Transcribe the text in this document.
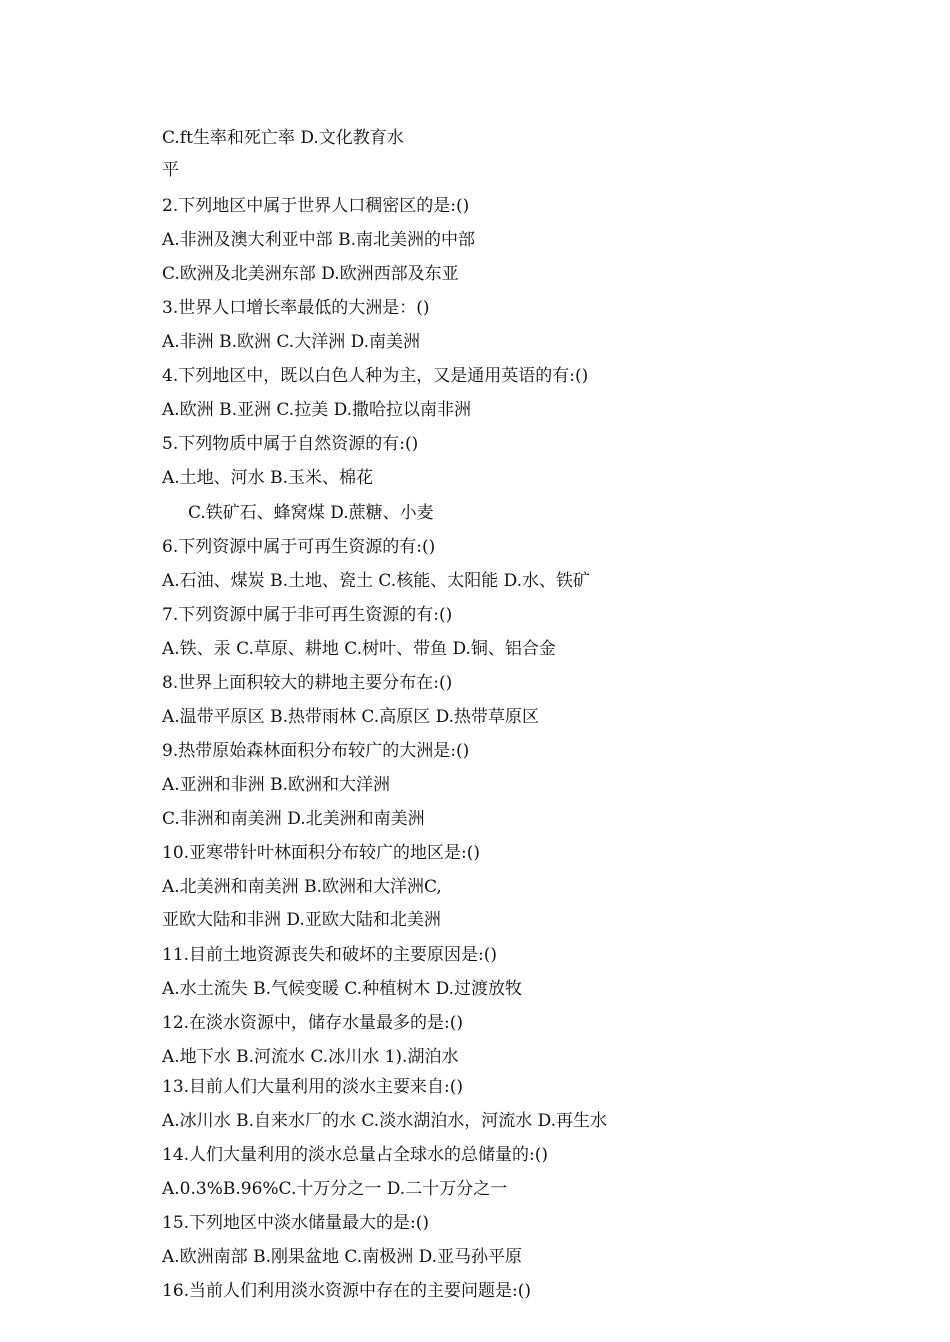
C.ft生率和死亡率 D.文化教育水
平
2.下列地区中属于世界人口稠密区的是:()
A.非洲及澳大利亚中部 B.南北美洲的中部
C.欧洲及北美洲东部 D.欧洲西部及东亚
3.世界人口增长率最低的大洲是：()
A.非洲 B.欧洲 C.大洋洲 D.南美洲
4.下列地区中，既以白色人种为主，又是通用英语的有:()
A.欧洲 B.亚洲 C.拉美 D.撒哈拉以南非洲
5.下列物质中属于自然资源的有:()
A.土地、河水 B.玉米、棉花
C.铁矿石、蜂窝煤 D.蔗糖、小麦
6.下列资源中属于可再生资源的有:()
A.石油、煤炭 B.土地、瓷土 C.核能、太阳能 D.水、铁矿
7.下列资源中属于非可再生资源的有:()
A.铁、汞 C.草原、耕地 C.树叶、带鱼 D.铜、铝合金
8.世界上面积较大的耕地主要分布在:()
A.温带平原区 B.热带雨林 C.高原区 D.热带草原区
9.热带原始森林面积分布较广的大洲是:()
A.亚洲和非洲 B.欧洲和大洋洲
C.非洲和南美洲 D.北美洲和南美洲
10.亚寒带针叶林面积分布较广的地区是:()
A.北美洲和南美洲 B.欧洲和大洋洲C,
亚欧大陆和非洲 D.亚欧大陆和北美洲
11.目前土地资源丧失和破坏的主要原因是:()
A.水土流失 B.气候变暖 C.种植树木 D.过渡放牧
12.在淡水资源中，储存水量最多的是:()
A.地下水 B.河流水 C.冰川水 1).湖泊水
13.目前人们大量利用的淡水主要来自:()
A.冰川水 B.自来水厂的水 C.淡水湖泊水，河流水 D.再生水
14.人们大量利用的淡水总量占全球水的总储量的:()
A.0.3%B.96%C.十万分之一 D.二十万分之一
15.下列地区中淡水储量最大的是:()
A.欧洲南部 B.刚果盆地 C.南极洲 D.亚马孙平原
16.当前人们利用淡水资源中存在的主要问题是:()
